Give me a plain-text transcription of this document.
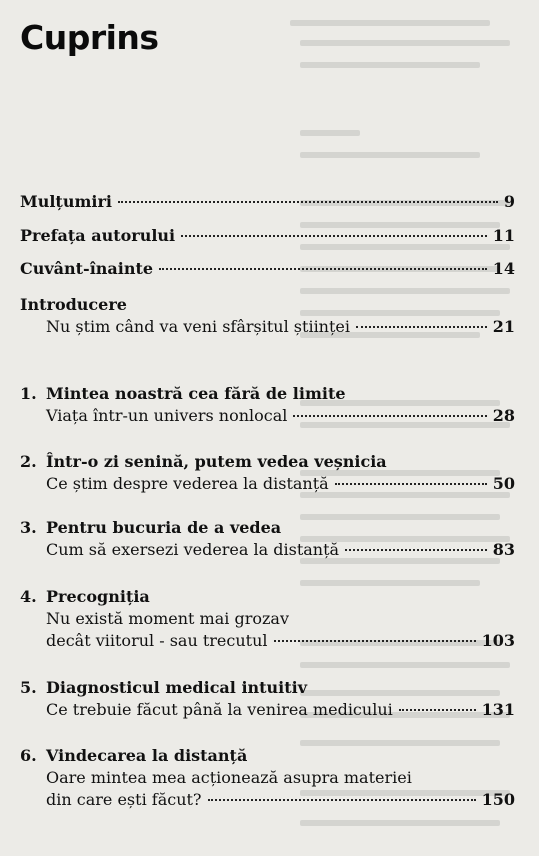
Cuprins
Mulțumiri	9
Prefața autorului	11
Cuvânt-înainte	14
Introducere
Nu știm când va veni sfârșitul științei	21
1. Mintea noastră cea fără de limite
Viața într-un univers nonlocal	28
2. Într-o zi senină, putem vedea veșnicia
Ce știm despre vederea la distanță	50
3. Pentru bucuria de a vedea
Cum să exersezi vederea la distanță	83
4. Precogniția
Nu există moment mai grozav
decât viitorul - sau trecutul	103
5. Diagnosticul medical intuitiv
Ce trebuie făcut până la venirea medicului	131
6. Vindecarea la distanță
Oare mintea mea acționează asupra materiei
din care ești făcut?	150
